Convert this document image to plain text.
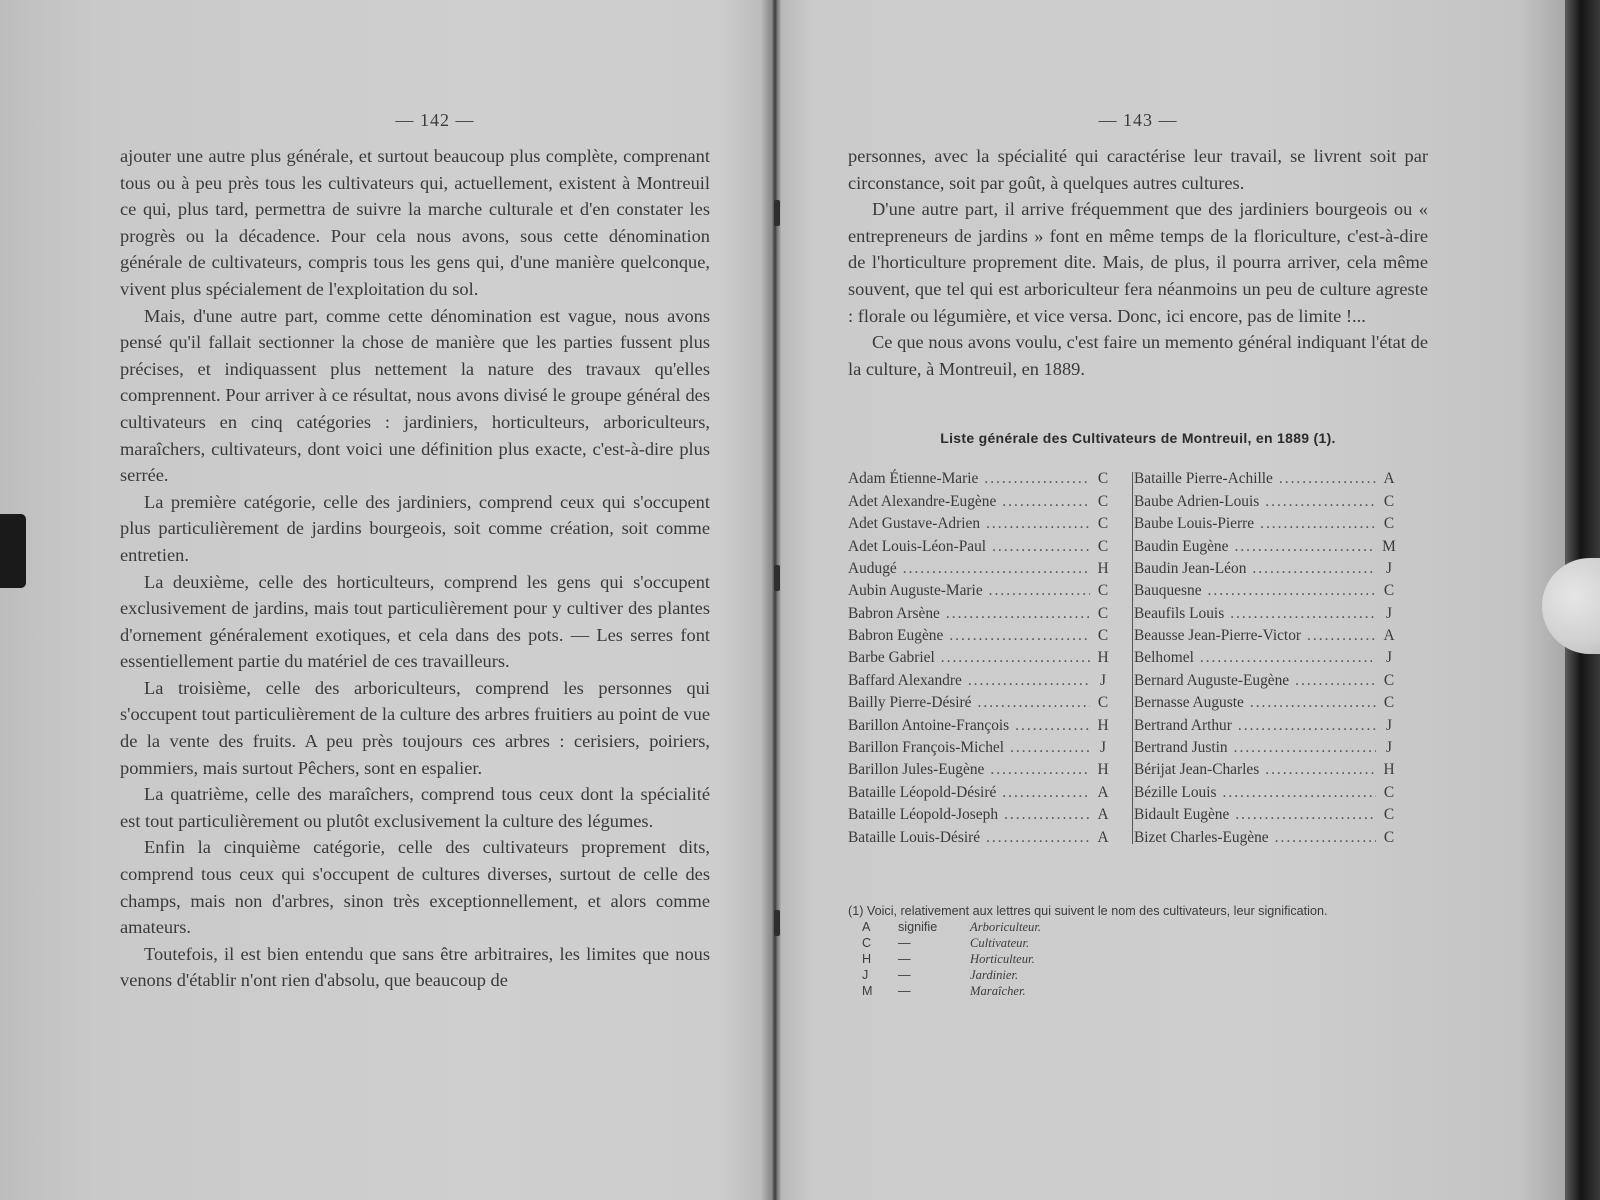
— 142 —

ajouter une autre plus générale, et surtout beaucoup plus complète, comprenant tous ou à peu près tous les cultivateurs qui, actuellement, existent à Montreuil ce qui, plus tard, permettra de suivre la marche culturale et d'en constater les progrès ou la décadence. Pour cela nous avons, sous cette dénomination générale de cultivateurs, compris tous les gens qui, d'une manière quelconque, vivent plus spécialement de l'exploitation du sol.

Mais, d'une autre part, comme cette dénomination est vague, nous avons pensé qu'il fallait sectionner la chose de manière que les parties fussent plus précises, et indiquassent plus nettement la nature des travaux qu'elles comprennent. Pour arriver à ce résultat, nous avons divisé le groupe général des cultivateurs en cinq catégories : jardiniers, horticulteurs, arboriculteurs, maraîchers, cultivateurs, dont voici une définition plus exacte, c'est-à-dire plus serrée.

La première catégorie, celle des jardiniers, comprend ceux qui s'occupent plus particulièrement de jardins bourgeois, soit comme création, soit comme entretien.

La deuxième, celle des horticulteurs, comprend les gens qui s'occupent exclusivement de jardins, mais tout particulièrement pour y cultiver des plantes d'ornement généralement exotiques, et cela dans des pots. — Les serres font essentiellement partie du matériel de ces travailleurs.

La troisième, celle des arboriculteurs, comprend les personnes qui s'occupent tout particulièrement de la culture des arbres fruitiers au point de vue de la vente des fruits. A peu près toujours ces arbres : cerisiers, poiriers, pommiers, mais surtout Pêchers, sont en espalier.

La quatrième, celle des maraîchers, comprend tous ceux dont la spécialité est tout particulièrement ou plutôt exclusivement la culture des légumes.

Enfin la cinquième catégorie, celle des cultivateurs proprement dits, comprend tous ceux qui s'occupent de cultures diverses, surtout de celle des champs, mais non d'arbres, sinon très exceptionnellement, et alors comme amateurs.

Toutefois, il est bien entendu que sans être arbitraires, les limites que nous venons d'établir n'ont rien d'absolu, que beaucoup de

— 143 —

personnes, avec la spécialité qui caractérise leur travail, se livrent soit par circonstance, soit par goût, à quelques autres cultures.

D'une autre part, il arrive fréquemment que des jardiniers bourgeois ou « entrepreneurs de jardins » font en même temps de la floriculture, c'est-à-dire de l'horticulture proprement dite. Mais, de plus, il pourra arriver, cela même souvent, que tel qui est arboriculteur fera néanmoins un peu de culture agreste : florale ou légumière, et vice versa. Donc, ici encore, pas de limite !...

Ce que nous avons voulu, c'est faire un memento général indiquant l'état de la culture, à Montreuil, en 1889.

Liste générale des Cultivateurs de Montreuil, en 1889 (1).
Adam Étienne-Marie .....	C
Adet Alexandre-Eugène .....	C
Adet Gustave-Adrien .....	C
Adet Louis-Léon-Paul .....	C
Audugé .....	H
Aubin Auguste-Marie .....	C
Babron Arsène .....	C
Babron Eugène .....	C
Barbe Gabriel .....	H
Baffard Alexandre .....	J
Bailly Pierre-Désiré .....	C
Barillon Antoine-François .....	H
Barillon François-Michel .....	J
Barillon Jules-Eugène .....	H
Bataille Léopold-Désiré .....	A
Bataille Léopold-Joseph .....	A
Bataille Louis-Désiré .....	A
Bataille Pierre-Achille .....	A
Baube Adrien-Louis .....	C
Baube Louis-Pierre .....	C
Baudin Eugène .....	M
Baudin Jean-Léon .....	J
Bauquesne .....	C
Beaufils Louis .....	J
Beausse Jean-Pierre-Victor .....	A
Belhomel .....	J
Bernard Auguste-Eugène .....	C
Bernasse Auguste .....	C
Bertrand Arthur .....	J
Bertrand Justin .....	J
Bérijat Jean-Charles .....	H
Bézille Louis .....	C
Bidault Eugène .....	C
Bizet Charles-Eugène .....	C
(1) Voici, relativement aux lettres qui suivent le nom des cultivateurs, leur signification.
A	signifie	Arboriculteur.
C	—	Cultivateur.
H	—	Horticulteur.
J	—	Jardinier.
M	—	Maraîcher.
